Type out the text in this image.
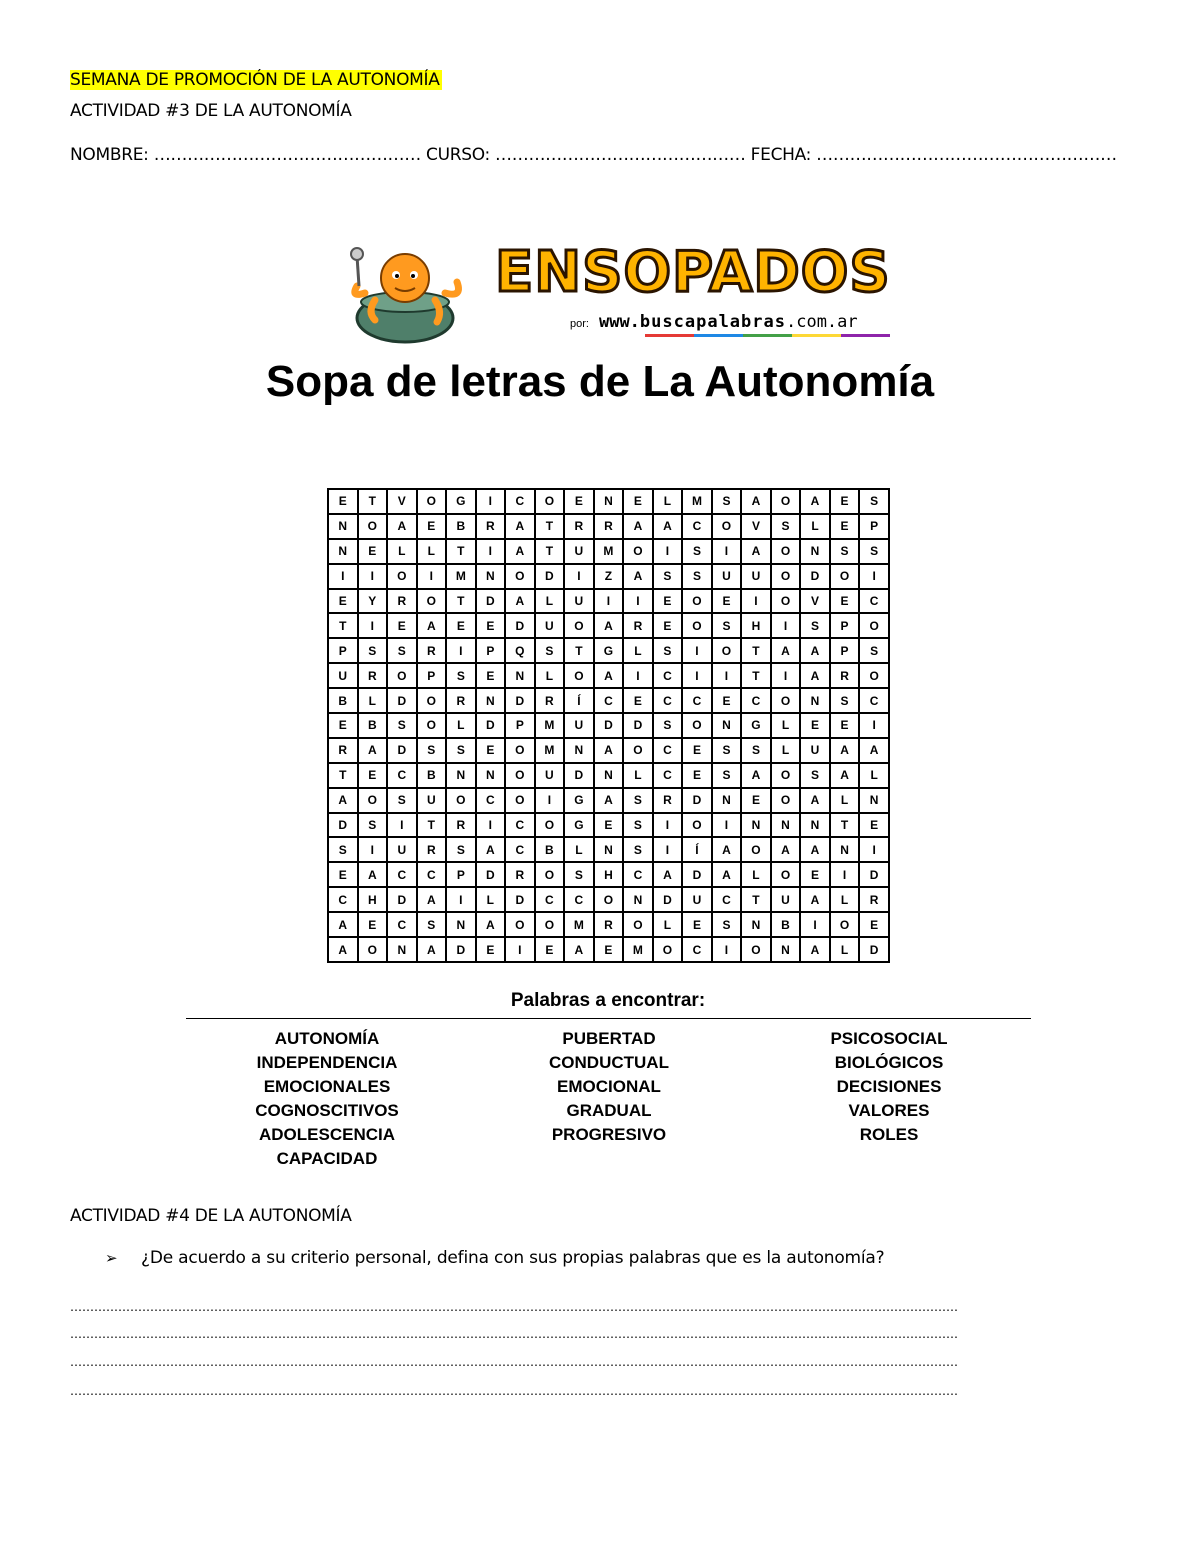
SEMANA DE PROMOCIÓN DE LA AUTONOMÍA
ACTIVIDAD #3 DE LA AUTONOMÍA
NOMBRE: ………………………………………… CURSO: ……………………………………… FECHA: ………………………………………………
ENSOPADOS
por: www.buscapalabras.com.ar
Sopa de letras de La Autonomía
E	T	V	O	G	I	C	O	E	N	E	L	M	S	A	O	A	E	S
N	O	A	E	B	R	A	T	R	R	A	A	C	O	V	S	L	E	P
N	E	L	L	T	I	A	T	U	M	O	I	S	I	A	O	N	S	S
I	I	O	I	M	N	O	D	I	Z	A	S	S	U	U	O	D	O	I
E	Y	R	O	T	D	A	L	U	I	I	E	O	E	I	O	V	E	C
T	I	E	A	E	E	D	U	O	A	R	E	O	S	H	I	S	P	O
P	S	S	R	I	P	Q	S	T	G	L	S	I	O	T	A	A	P	S
U	R	O	P	S	E	N	L	O	A	I	C	I	I	T	I	A	R	O
B	L	D	O	R	N	D	R	Í	C	E	C	C	E	C	O	N	S	C
E	B	S	O	L	D	P	M	U	D	D	S	O	N	G	L	E	E	I
R	A	D	S	S	E	O	M	N	A	O	C	E	S	S	L	U	A	A
T	E	C	B	N	N	O	U	D	N	L	C	E	S	A	O	S	A	L
A	O	S	U	O	C	O	I	G	A	S	R	D	N	E	O	A	L	N
D	S	I	T	R	I	C	O	G	E	S	I	O	I	N	N	N	T	E
S	I	U	R	S	A	C	B	L	N	S	I	Í	A	O	A	A	N	I
E	A	C	C	P	D	R	O	S	H	C	A	D	A	L	O	E	I	D
C	H	D	A	I	L	D	C	C	O	N	D	U	C	T	U	A	L	R
A	E	C	S	N	A	O	O	M	R	O	L	E	S	N	B	I	O	E
A	O	N	A	D	E	I	E	A	E	M	O	C	I	O	N	A	L	D
Palabras a encontrar:
AUTONOMÍA
INDEPENDENCIA
EMOCIONALES
COGNOSCITIVOS
ADOLESCENCIA
CAPACIDAD
PUBERTAD
CONDUCTUAL
EMOCIONAL
GRADUAL
PROGRESIVO
PSICOSOCIAL
BIOLÓGICOS
DECISIONES
VALORES
ROLES
ACTIVIDAD #4 DE LA AUTONOMÍA
➢ ¿De acuerdo a su criterio personal, defina con sus propias palabras que es la autonomía?
……………………………………………………………………………………………………………………………………………………………………………………………………
……………………………………………………………………………………………………………………………………………………………………………………………………
……………………………………………………………………………………………………………………………………………………………………………………………………
……………………………………………………………………………………………………………………………………………………………………………………………………
